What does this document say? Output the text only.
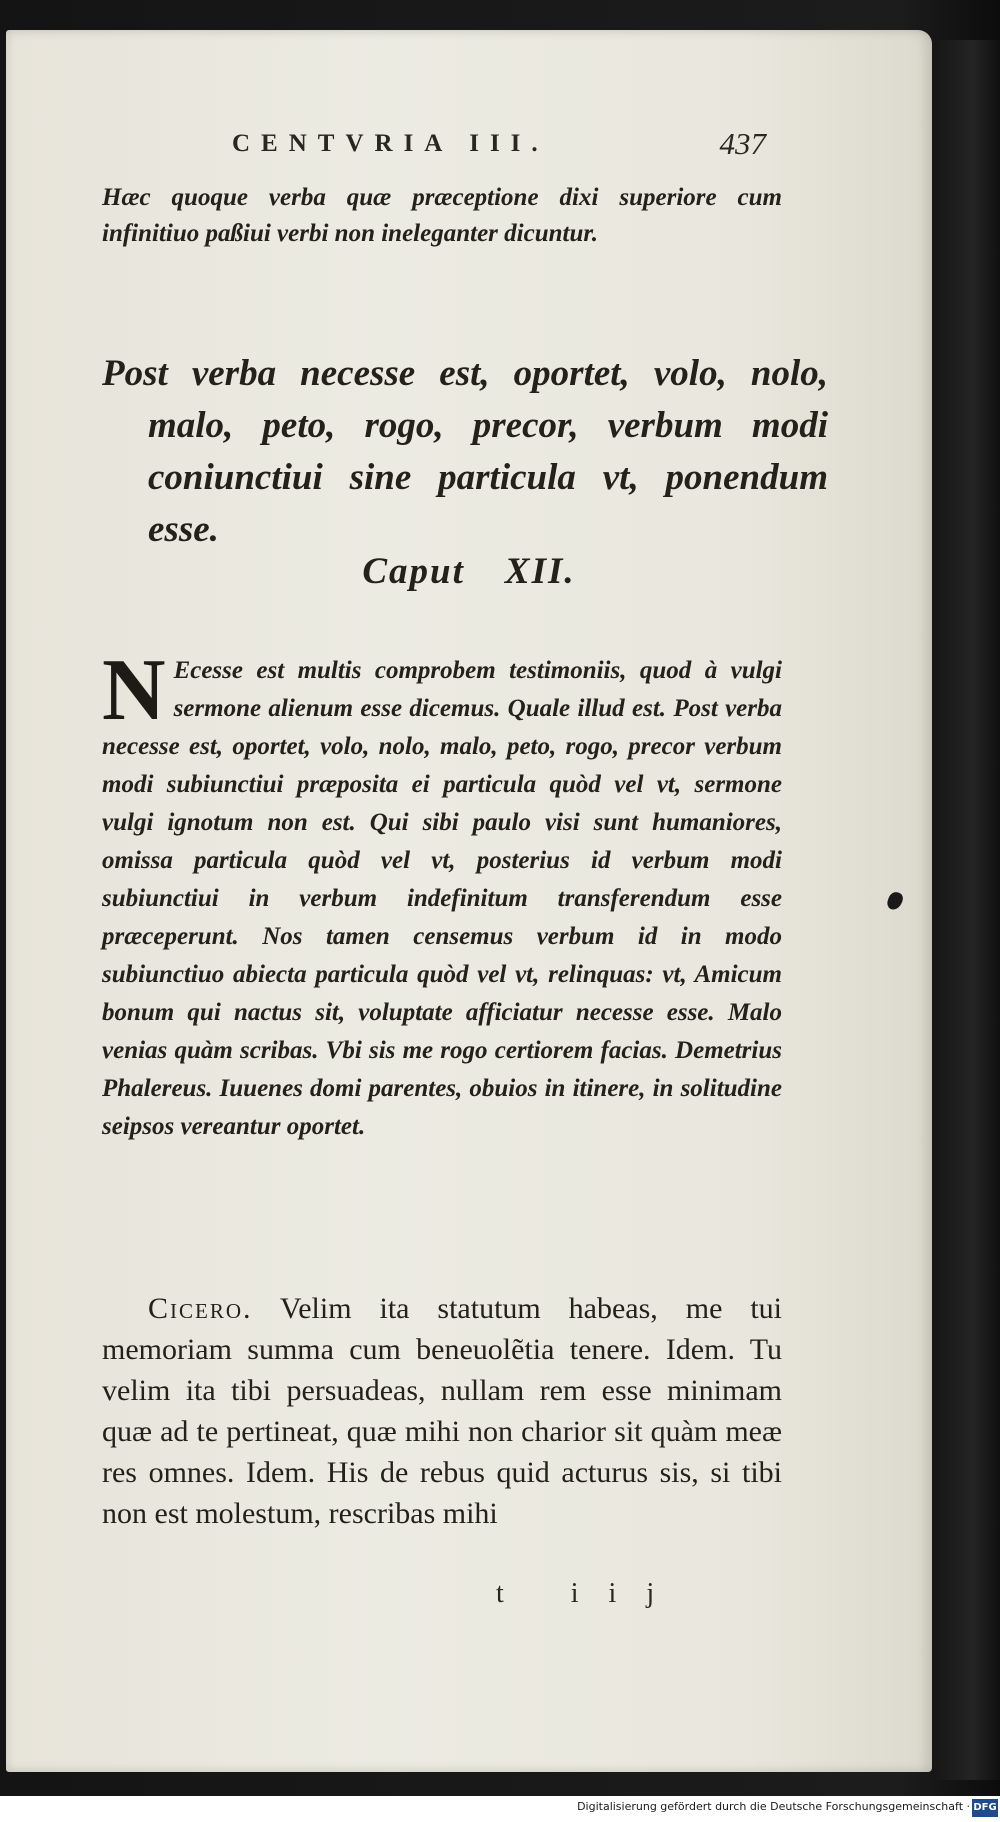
CENTVRIA III.	437
Hæc quoque verba quæ præceptione dixi superiore cum infinitiuo paßiui verbi non ineleganter dicuntur.
Post verba necesse est, oportet, volo, nolo, malo, peto, rogo, precor, verbum modi coniunctiui sine particula vt, ponendum esse.
Caput XII.
N Ecesse est multis comprobem testimoniis, quod à vulgi sermone alienum esse dicemus. Quale illud est. Post verba necesse est, oportet, volo, nolo, malo, peto, rogo, precor verbum modi subiunctiui præposita ei particula quòd vel vt, sermone vulgi ignotum non est. Qui sibi paulo visi sunt humaniores, omissa particula quòd vel vt, posterius id verbum modi subiunctiui in verbum indefinitum transferendum esse præceperunt. Nos tamen censemus verbum id in modo subiunctiuo abiecta particula quòd vel vt, relinquas: vt, Amicum bonum qui nactus sit, voluptate afficiatur necesse esse. Malo venias quàm scribas. Vbi sis me rogo certiorem facias. Demetrius Phalereus. Iuuenes domi parentes, obuios in itinere, in solitudine seipsos vereantur oportet.
Cicero. Velim ita statutum habeas, me tui memoriam summa cum beneuolẽtia tenere. Idem. Tu velim ita tibi persuadeas, nullam rem esse minimam quæ ad te pertineat, quæ mihi non charior sit quàm meæ res omnes. Idem. His de rebus quid acturus sis, si tibi non est molestum, rescribas mihi
t iij
Digitalisierung gefördert durch die Deutsche Forschungsgemeinschaft · DFG
